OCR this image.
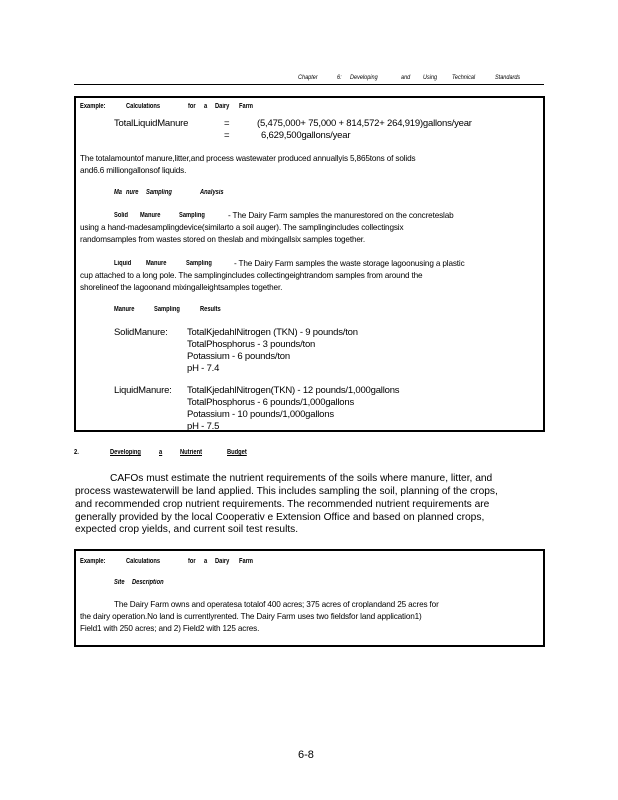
Chapter	6: Developing	and Using Technical	Standards
Example:	Calculations	for a Dairy Farm
TotalLiquidManure	=	(5,475,000+ 75,000 + 814,572+ 264,919)gallons/year
=	6,629,500gallons/year
The totalamountof manure,litter,and process wastewater produced annuallyis 5,865tons of solids
and6.6 milliongallonsof liquids.
Ma nure Sampling	Analysis
Solid Manure	Sampling	- The Dairy Farm samples the manurestored on the concreteslab
using a hand-madesamplingdevice(similarto a soil auger). The samplingincludes collectingsix
randomsamples from wastes stored on theslab and mixingallsix samples together.
Liquid Manure	Sampling	- The Dairy Farm samples the waste storage lagoonusing a plastic
cup attached to a long pole. The samplingincludes collectingeightrandom samples from around the
shorelineof the lagoonand mixingalleightsamples together.
Manure	Sampling	Results
SolidManure: TotalKjedahlNitrogen (TKN) - 9 pounds/ton
TotalPhosphorus - 3 pounds/ton
Potassium - 6 pounds/ton
pH - 7.4
LiquidManure: TotalKjedahlNitrogen(TKN) - 12 pounds/1,000gallons
TotalPhosphorus - 6 pounds/1,000gallons
Potassium - 10 pounds/1,000gallons
pH - 7.5
2.	Developing	a	Nutrient	Budget
CAFOs must estimate the nutrient requirements of the soils where manure, litter, and
process wastewaterwill be land applied. This includes sampling the soil, planning of the crops,
and recommended crop nutrient requirements. The recommended nutrient requirements are
generally provided by the local Cooperativ e Extension Office and based on planned crops,
expected crop yields, and current soil test results.
Example:	Calculations	for a Dairy Farm
Site Description
The Dairy Farm owns and operatesa totalof 400 acres; 375 acres of croplandand 25 acres for
the dairy operation.No land is currentlyrented. The Dairy Farm uses two fieldsfor land application1)
Field1 with 250 acres; and 2) Field2 with 125 acres.
6-8
